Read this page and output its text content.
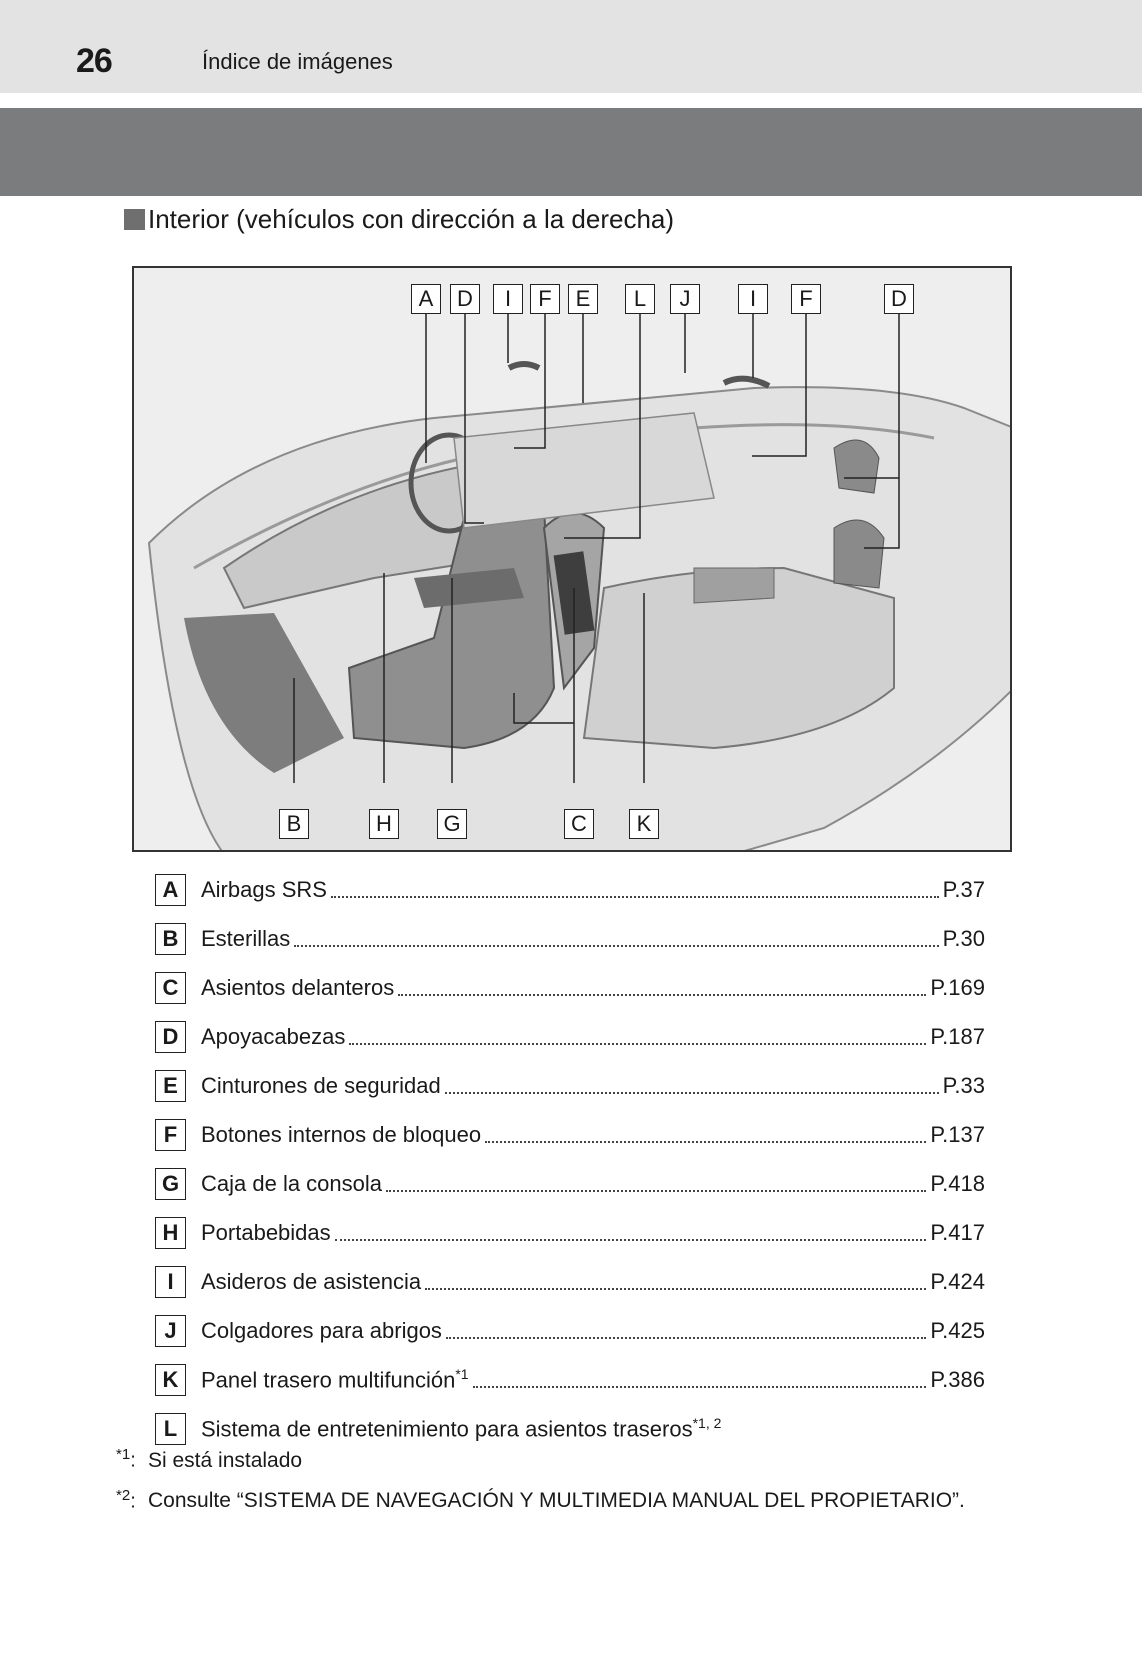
26	Índice de imágenes
Interior (vehículos con dirección a la derecha)
A	D	I	F	E	L	J	I	F	D
B	H	G	C	K
A	Airbags SRS	P.37
B	Esterillas	P.30
C	Asientos delanteros	P.169
D	Apoyacabezas	P.187
E	Cinturones de seguridad	P.33
F	Botones internos de bloqueo	P.137
G Caja de la consola	P.418
H	Portabebidas	P.417
I	Asideros de asistencia	P.424
J	Colgadores para abrigos	P.425
K	Panel trasero multifunción$^{*1}$	P.386
L	Sistema de entretenimiento para asientos traseros$^{*1, 2}$
$^{*1}$: Si está instalado
$^{*2}$: Consulte “SISTEMA DE NAVEGACIÓN Y MULTIMEDIA MANUAL DEL PROPIETARIO”.
